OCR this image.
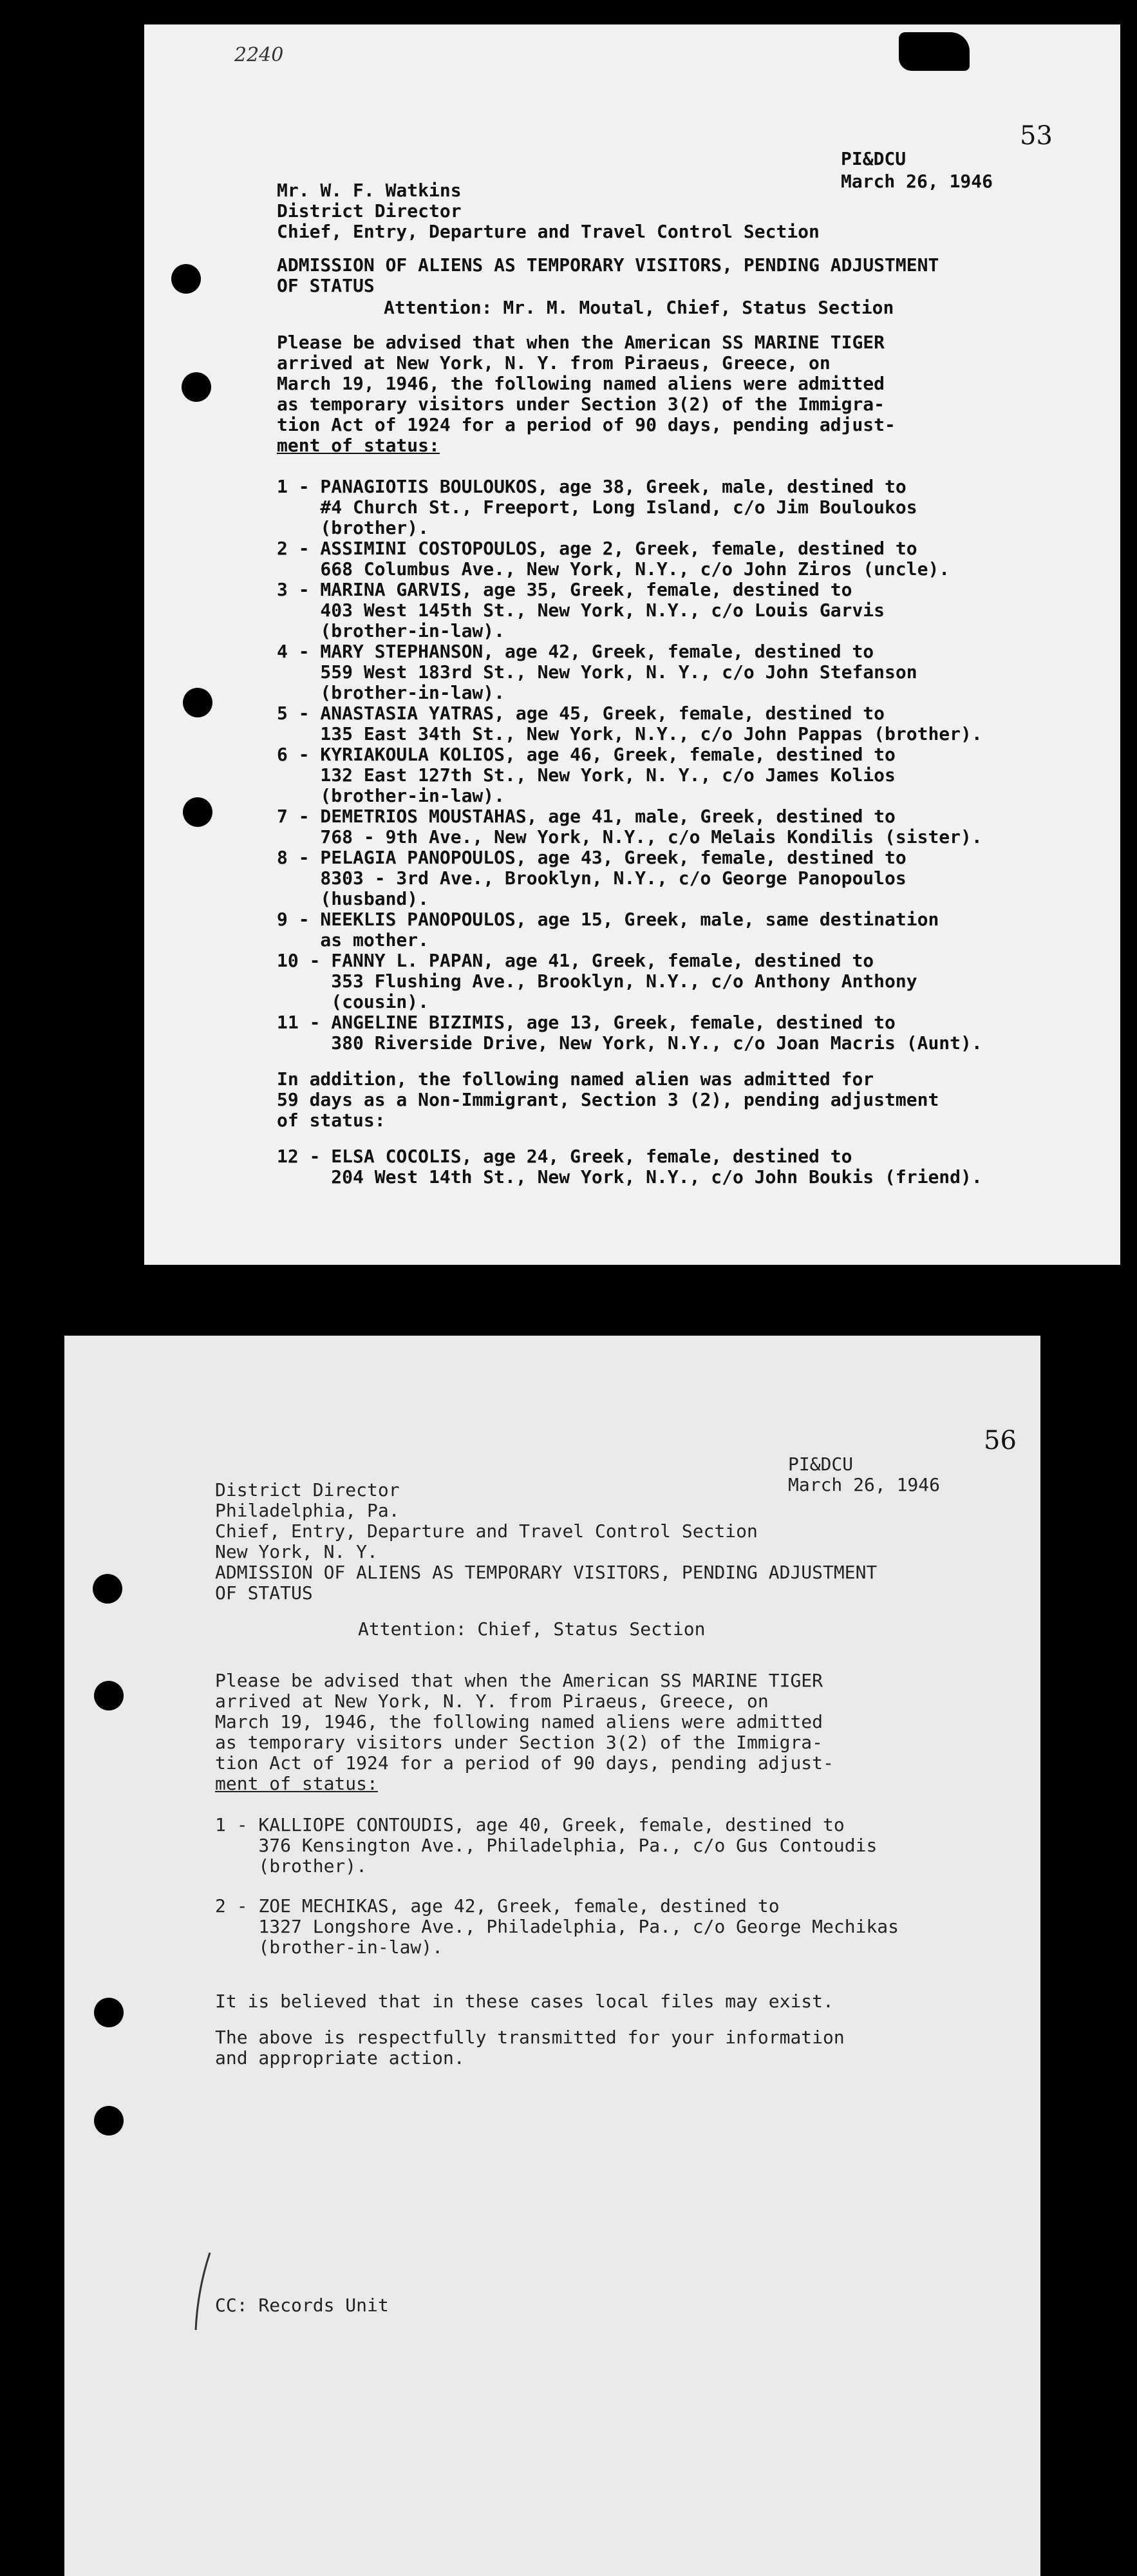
2240
53
PI&DCU
March 26, 1946
Mr. W. F. Watkins
District Director
Chief, Entry, Departure and Travel Control Section
ADMISSION OF ALIENS AS TEMPORARY VISITORS, PENDING ADJUSTMENT
OF STATUS
Attention: Mr. M. Moutal, Chief, Status Section
Please be advised that when the American SS MARINE TIGER
arrived at New York, N. Y. from Piraeus, Greece, on
March 19, 1946, the following named aliens were admitted
as temporary visitors under Section 3(2) of the Immigra-
tion Act of 1924 for a period of 90 days, pending adjust-
ment of status:
1 - PANAGIOTIS BOULOUKOS, age 38, Greek, male, destined to
#4 Church St., Freeport, Long Island, c/o Jim Bouloukos
(brother).
2 - ASSIMINI COSTOPOULOS, age 2, Greek, female, destined to
668 Columbus Ave., New York, N.Y., c/o John Ziros (uncle).
3 - MARINA GARVIS, age 35, Greek, female, destined to
403 West 145th St., New York, N.Y., c/o Louis Garvis
(brother-in-law).
4 - MARY STEPHANSON, age 42, Greek, female, destined to
559 West 183rd St., New York, N. Y., c/o John Stefanson
(brother-in-law).
5 - ANASTASIA YATRAS, age 45, Greek, female, destined to
135 East 34th St., New York, N.Y., c/o John Pappas (brother).
6 - KYRIAKOULA KOLIOS, age 46, Greek, female, destined to
132 East 127th St., New York, N. Y., c/o James Kolios
(brother-in-law).
7 - DEMETRIOS MOUSTAHAS, age 41, male, Greek, destined to
768 - 9th Ave., New York, N.Y., c/o Melais Kondilis (sister).
8 - PELAGIA PANOPOULOS, age 43, Greek, female, destined to
8303 - 3rd Ave., Brooklyn, N.Y., c/o George Panopoulos
(husband).
9 - NEEKLIS PANOPOULOS, age 15, Greek, male, same destination
as mother.
10 - FANNY L. PAPAN, age 41, Greek, female, destined to
353 Flushing Ave., Brooklyn, N.Y., c/o Anthony Anthony
(cousin).
11 - ANGELINE BIZIMIS, age 13, Greek, female, destined to
380 Riverside Drive, New York, N.Y., c/o Joan Macris (Aunt).
In addition, the following named alien was admitted for
59 days as a Non-Immigrant, Section 3 (2), pending adjustment
of status:
12 - ELSA COCOLIS, age 24, Greek, female, destined to
204 West 14th St., New York, N.Y., c/o John Boukis (friend).
56
PI&DCU
March 26, 1946
District Director
Philadelphia, Pa.
Chief, Entry, Departure and Travel Control Section
New York, N. Y.
ADMISSION OF ALIENS AS TEMPORARY VISITORS, PENDING ADJUSTMENT
OF STATUS
Attention: Chief, Status Section
Please be advised that when the American SS MARINE TIGER
arrived at New York, N. Y. from Piraeus, Greece, on
March 19, 1946, the following named aliens were admitted
as temporary visitors under Section 3(2) of the Immigra-
tion Act of 1924 for a period of 90 days, pending adjust-
ment of status:
1 - KALLIOPE CONTOUDIS, age 40, Greek, female, destined to
376 Kensington Ave., Philadelphia, Pa., c/o Gus Contoudis
(brother).
2 - ZOE MECHIKAS, age 42, Greek, female, destined to
1327 Longshore Ave., Philadelphia, Pa., c/o George Mechikas
(brother-in-law).
It is believed that in these cases local files may exist.
The above is respectfully transmitted for your information
and appropriate action.
CC: Records Unit
